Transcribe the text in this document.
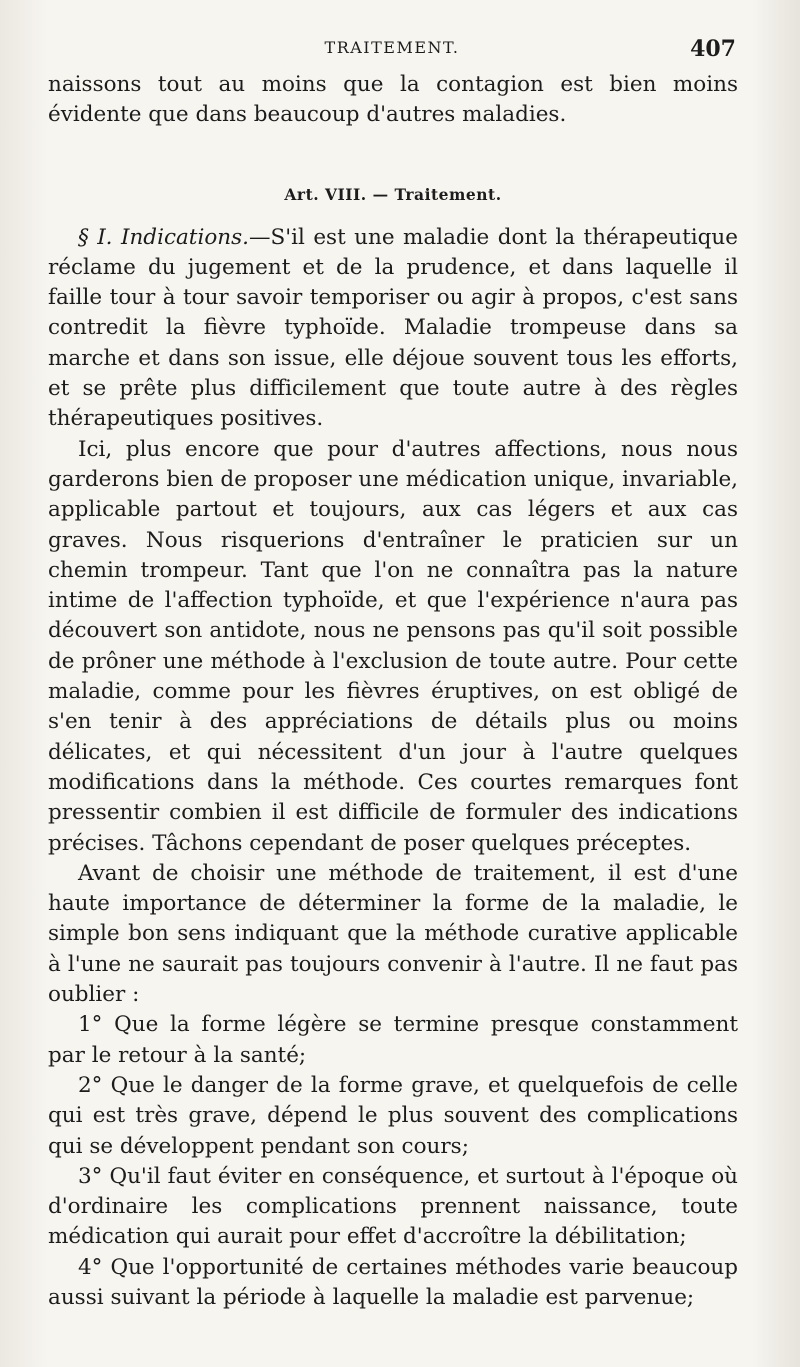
TRAITEMENT.	407

naissons tout au moins que la contagion est bien moins évidente que dans beaucoup d'autres maladies.

Art. VIII. — Traitement.

§ I. Indications.—S'il est une maladie dont la thérapeutique réclame du jugement et de la prudence, et dans laquelle il faille tour à tour savoir temporiser ou agir à propos, c'est sans contredit la fièvre typhoïde. Maladie trompeuse dans sa marche et dans son issue, elle déjoue souvent tous les efforts, et se prête plus difficilement que toute autre à des règles thérapeutiques positives.

Ici, plus encore que pour d'autres affections, nous nous garderons bien de proposer une médication unique, invariable, applicable partout et toujours, aux cas légers et aux cas graves. Nous risquerions d'entraîner le praticien sur un chemin trompeur. Tant que l'on ne connaîtra pas la nature intime de l'affection typhoïde, et que l'expérience n'aura pas découvert son antidote, nous ne pensons pas qu'il soit possible de prôner une méthode à l'exclusion de toute autre. Pour cette maladie, comme pour les fièvres éruptives, on est obligé de s'en tenir à des appréciations de détails plus ou moins délicates, et qui nécessitent d'un jour à l'autre quelques modifications dans la méthode. Ces courtes remarques font pressentir combien il est difficile de formuler des indications précises. Tâchons cependant de poser quelques préceptes.

Avant de choisir une méthode de traitement, il est d'une haute importance de déterminer la forme de la maladie, le simple bon sens indiquant que la méthode curative applicable à l'une ne saurait pas toujours convenir à l'autre. Il ne faut pas oublier :

1° Que la forme légère se termine presque constamment par le retour à la santé;

2° Que le danger de la forme grave, et quelquefois de celle qui est très grave, dépend le plus souvent des complications qui se développent pendant son cours;

3° Qu'il faut éviter en conséquence, et surtout à l'époque où d'ordinaire les complications prennent naissance, toute médication qui aurait pour effet d'accroître la débilitation;

4° Que l'opportunité de certaines méthodes varie beaucoup aussi suivant la période à laquelle la maladie est parvenue;
